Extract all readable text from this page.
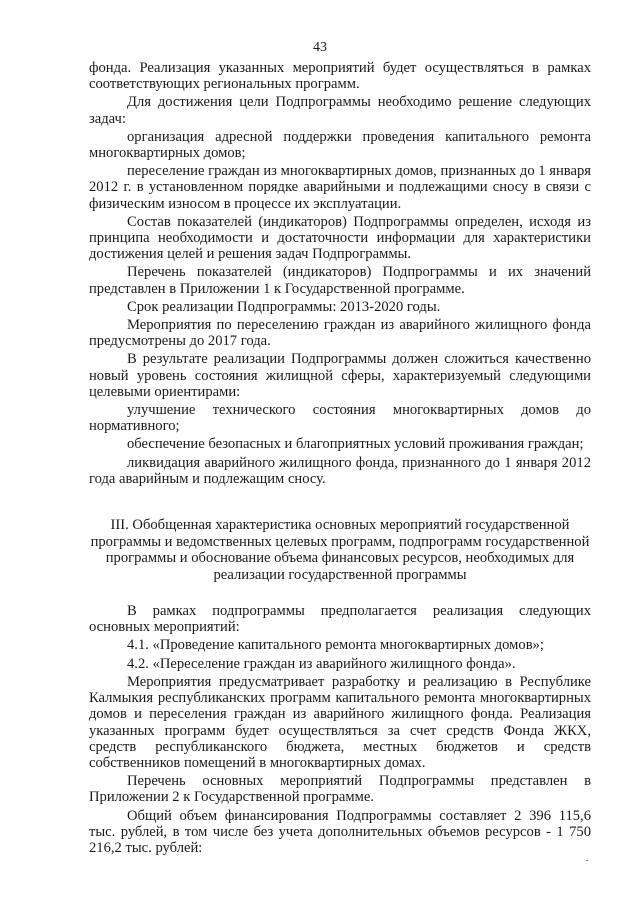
43

фонда. Реализация указанных мероприятий будет осуществляться в рамках соответствующих региональных программ.

Для достижения цели Подпрограммы необходимо решение следующих задач:

организация адресной поддержки проведения капитального ремонта многоквартирных домов;

переселение граждан из многоквартирных домов, признанных до 1 января 2012 г. в установленном порядке аварийными и подлежащими сносу в связи с физическим износом в процессе их эксплуатации.

Состав показателей (индикаторов) Подпрограммы определен, исходя из принципа необходимости и достаточности информации для характеристики достижения целей и решения задач Подпрограммы.

Перечень показателей (индикаторов) Подпрограммы и их значений представлен в Приложении 1 к Государственной программе.

Срок реализации Подпрограммы: 2013-2020 годы.

Мероприятия по переселению граждан из аварийного жилищного фонда предусмотрены до 2017 года.

В результате реализации Подпрограммы должен сложиться качественно новый уровень состояния жилищной сферы, характеризуемый следующими целевыми ориентирами:

улучшение технического состояния многоквартирных домов до нормативного;

обеспечение безопасных и благоприятных условий проживания граждан;

ликвидация аварийного жилищного фонда, признанного до 1 января 2012 года аварийным и подлежащим сносу.

III. Обобщенная характеристика основных мероприятий государственной программы и ведомственных целевых программ, подпрограмм государственной программы и обоснование объема финансовых ресурсов, необходимых для реализации государственной программы

В рамках подпрограммы предполагается реализация следующих основных мероприятий:

4.1. «Проведение капитального ремонта многоквартирных домов»;

4.2. «Переселение граждан из аварийного жилищного фонда».

Мероприятия предусматривает разработку и реализацию в Республике Калмыкия республиканских программ капитального ремонта многоквартирных домов и переселения граждан из аварийного жилищного фонда. Реализация указанных программ будет осуществляться за счет средств Фонда ЖКХ, средств республиканского бюджета, местных бюджетов и средств собственников помещений в многоквартирных домах.

Перечень основных мероприятий Подпрограммы представлен в Приложении 2 к Государственной программе.

Общий объем финансирования Подпрограммы составляет 2 396 115,6 тыс. рублей, в том числе без учета дополнительных объемов ресурсов - 1 750 216,2 тыс. рублей:

·
